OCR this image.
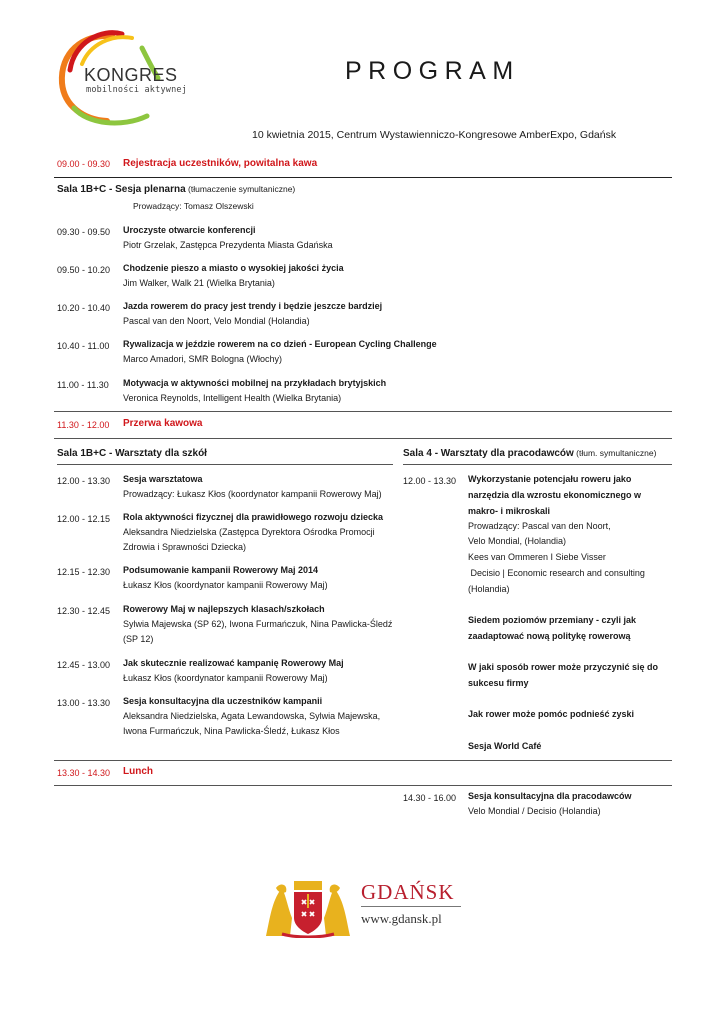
KONGRES
mobilności aktywnej
PROGRAM
10 kwietnia 2015, Centrum Wystawienniczo-Kongresowe AmberExpo, Gdańsk
09.00 - 09.30 Rejestracja uczestników, powitalna kawa
Sala 1B+C - Sesja plenarna (tłumaczenie symultaniczne)
Prowadzący: Tomasz Olszewski
09.30 - 09.50 Uroczyste otwarcie konferencji
Piotr Grzelak, Zastępca Prezydenta Miasta Gdańska
09.50 - 10.20 Chodzenie pieszo a miasto o wysokiej jakości życia
Jim Walker, Walk 21 (Wielka Brytania)
10.20 - 10.40 Jazda rowerem do pracy jest trendy i będzie jeszcze bardziej
Pascal van den Noort, Velo Mondial (Holandia)
10.40 - 11.00 Rywalizacja w jeździe rowerem na co dzień - European Cycling Challenge
Marco Amadori, SMR Bologna (Włochy)
11.00 - 11.30 Motywacja w aktywności mobilnej na przykładach brytyjskich
Veronica Reynolds, Intelligent Health (Wielka Brytania)
11.30 - 12.00 Przerwa kawowa
Sala 1B+C - Warsztaty dla szkół
12.00 - 13.30 Sesja warsztatowa
Prowadzący: Łukasz Kłos (koordynator kampanii Rowerowy Maj)
12.00 - 12.15 Rola aktywności fizycznej dla prawidłowego rozwoju dziecka
Aleksandra Niedzielska (Zastępca Dyrektora Ośrodka Promocji
Zdrowia i Sprawności Dziecka)
12.15 - 12.30 Podsumowanie kampanii Rowerowy Maj 2014
Łukasz Kłos (koordynator kampanii Rowerowy Maj)
12.30 - 12.45 Rowerowy Maj w najlepszych klasach/szkołach
Sylwia Majewska (SP 62), Iwona Furmańczuk, Nina Pawlicka-Śledź
(SP 12)
12.45 - 13.00 Jak skutecznie realizować kampanię Rowerowy Maj
Łukasz Kłos (koordynator kampanii Rowerowy Maj)
13.00 - 13.30 Sesja konsultacyjna dla uczestników kampanii
Aleksandra Niedzielska, Agata Lewandowska, Sylwia Majewska,
Iwona Furmańczuk, Nina Pawlicka-Śledź, Łukasz Kłos
Sala 4 - Warsztaty dla pracodawców (tłum. symultaniczne)
12.00 - 13.30 Wykorzystanie potencjału roweru jako
narzędzia dla wzrostu ekonomicznego w
makro- i mikroskali
Prowadzący: Pascal van den Noort,
Velo Mondial, (Holandia)
Kees van Ommeren I Siebe Visser
Decisio | Economic research and consulting
(Holandia)
Siedem poziomów przemiany - czyli jak
zaadaptować nową politykę rowerową
W jaki sposób rower może przyczynić się do
sukcesu firmy
Jak rower może pomóc podnieść zyski
Sesja World Café
13.30 - 14.30 Lunch
14.30 - 16.00 Sesja konsultacyjna dla pracodawców
Velo Mondial / Decisio (Holandia)
GDAŃSK
www.gdansk.pl
